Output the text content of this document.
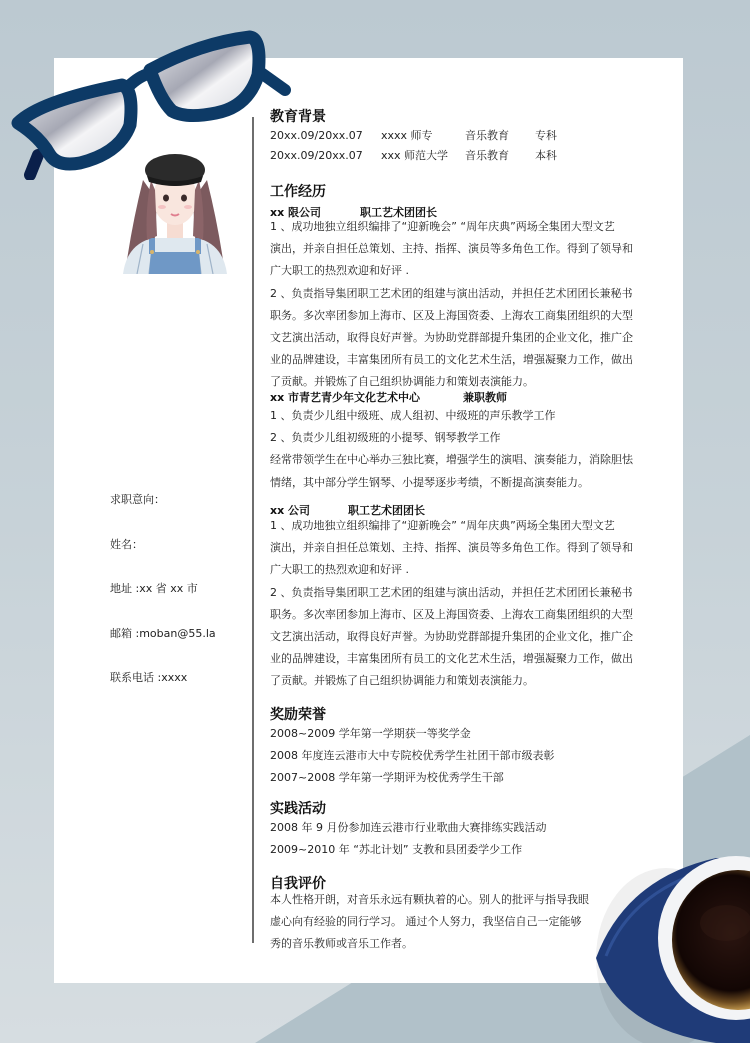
求职意向：
姓名：
地址 :xx 省 xx 市
邮箱 :moban@55.la
联系电话 :xxxx
教育背景
20xx.09/20xx.07 xxxx 师专	音乐教育 专科
20xx.09/20xx.07 xxx 师范大学 音乐教育 本科
工作经历
xx 限公司	职工艺术团团长
1 、成功地独立组织编排了“迎新晚会” “周年庆典”两场全集团大型文艺
演出，并亲自担任总策划、主持、指挥、演员等多角色工作。得到了领导和
广大职工的热烈欢迎和好评 .
2 、负责指导集团职工艺术团的组建与演出活动，并担任艺术团团长兼秘书
职务。多次率团参加上海市、区及上海国资委、上海农工商集团组织的大型
文艺演出活动，取得良好声誉。为协助党群部提升集团的企业文化，推广企
业的品牌建设，丰富集团所有员工的文化艺术生活，增强凝聚力工作，做出
了贡献。并锻炼了自己组织协调能力和策划表演能力。
xx 市青艺青少年文化艺术中心	兼职教师
1 、负责少儿组中级班、成人组初、中级班的声乐教学工作
2 、负责少儿组初级班的小提琴、钢琴教学工作
经常带领学生在中心举办三独比赛，增强学生的演唱、演奏能力，消除胆怯
情绪，其中部分学生钢琴、小提琴逐步考绩，不断提高演奏能力。
xx 公司	职工艺术团团长
1 、成功地独立组织编排了“迎新晚会” “周年庆典”两场全集团大型文艺
演出，并亲自担任总策划、主持、指挥、演员等多角色工作。得到了领导和
广大职工的热烈欢迎和好评 .
2 、负责指导集团职工艺术团的组建与演出活动，并担任艺术团团长兼秘书
职务。多次率团参加上海市、区及上海国资委、上海农工商集团组织的大型
文艺演出活动，取得良好声誉。为协助党群部提升集团的企业文化，推广企
业的品牌建设，丰富集团所有员工的文化艺术生活，增强凝聚力工作，做出
了贡献。并锻炼了自己组织协调能力和策划表演能力。
奖励荣誉
2008~2009 学年第一学期获一等奖学金
2008 年度连云港市大中专院校优秀学生社团干部市级表彰
2007~2008 学年第一学期评为校优秀学生干部
实践活动
2008 年 9 月份参加连云港市行业歌曲大赛排练实践活动
2009~2010 年 “苏北计划” 支教和县团委学少工作
自我评价
本人性格开朗，对音乐永远有颗执着的心。别人的批评与指导我眼
虚心向有经验的同行学习。 通过个人努力，我坚信自己一定能够
秀的音乐教师或音乐工作者。
